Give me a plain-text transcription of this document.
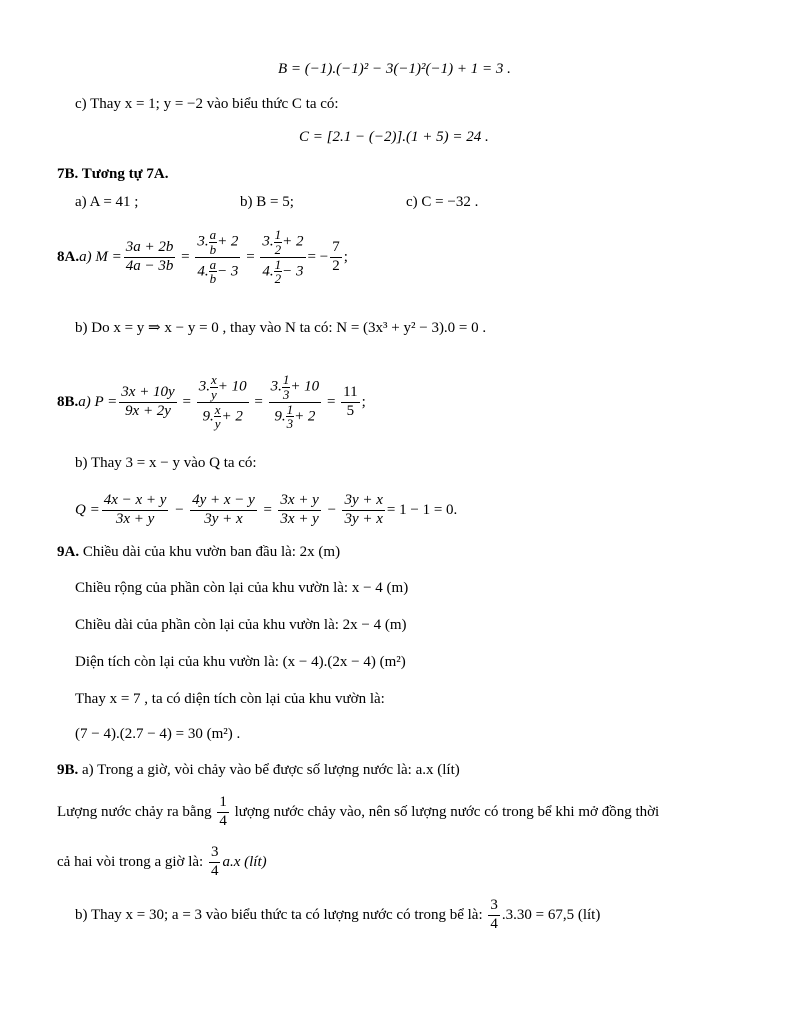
B = (−1).(−1)² − 3(−1)²(−1) + 1 = 3 .
c) Thay x = 1; y = −2 vào biểu thức C ta có:
C = [2.1 − (−2)].(1 + 5) = 24 .
7B. Tương tự 7A.
a) A = 41 ;	b) B = 5;	c) C = −32 .
8A. a) $M = \frac{3a + 2b}{4a - 3b} = \frac{3. \frac{a}{b} + 2}{4. \frac{a}{b} - 3} = \frac{3. \frac{1}{2} + 2}{4. \frac{1}{2} - 3}$ = − $\frac{7}{2}$ ;
b) Do x = y ⇒ x − y = 0 , thay vào N ta có: N = (3x³ + y² − 3).0 = 0 .
8B. a) $P = \frac{3x + 10y}{9x + 2y} = \frac{3. \frac{x}{y} + 10}{9. \frac{x}{y} + 2} = \frac{3. \frac{1}{3} + 10}{9. \frac{1}{3} + 2} = \frac{11}{5}$ ;
b) Thay 3 = x − y vào Q ta có:
$Q = \frac{4x - x + y}{3x + y} - \frac{4y + x - y}{3y + x} = \frac{3x + y}{3x + y} - \frac{3y + x}{3y + x} = 1 - 1 = 0$.
9A. Chiều dài của khu vườn ban đầu là: 2x (m)
Chiều rộng của phần còn lại của khu vườn là: x − 4 (m)
Chiều dài của phần còn lại của khu vườn là: 2x − 4 (m)
Diện tích còn lại của khu vườn là: (x − 4).(2x − 4) (m²)
Thay x = 7 , ta có diện tích còn lại của khu vườn là:
(7 − 4).(2.7 − 4) = 30 (m²) .
9B. a) Trong a giờ, vòi chảy vào bể được số lượng nước là: a.x (lít)
Lượng nước chảy ra bằng
$\frac{1}{4}$
lượng nước chảy vào, nên số lượng nước có trong bể khi mở đồng thời
cả hai vòi trong a giờ là:
$\frac{3}{4} a.x$ (lít)
b) Thay x = 30; a = 3 vào biểu thức ta có lượng nước có trong bể là:
$\frac{3}{4} .3.30 = 67,5$ (lít)
